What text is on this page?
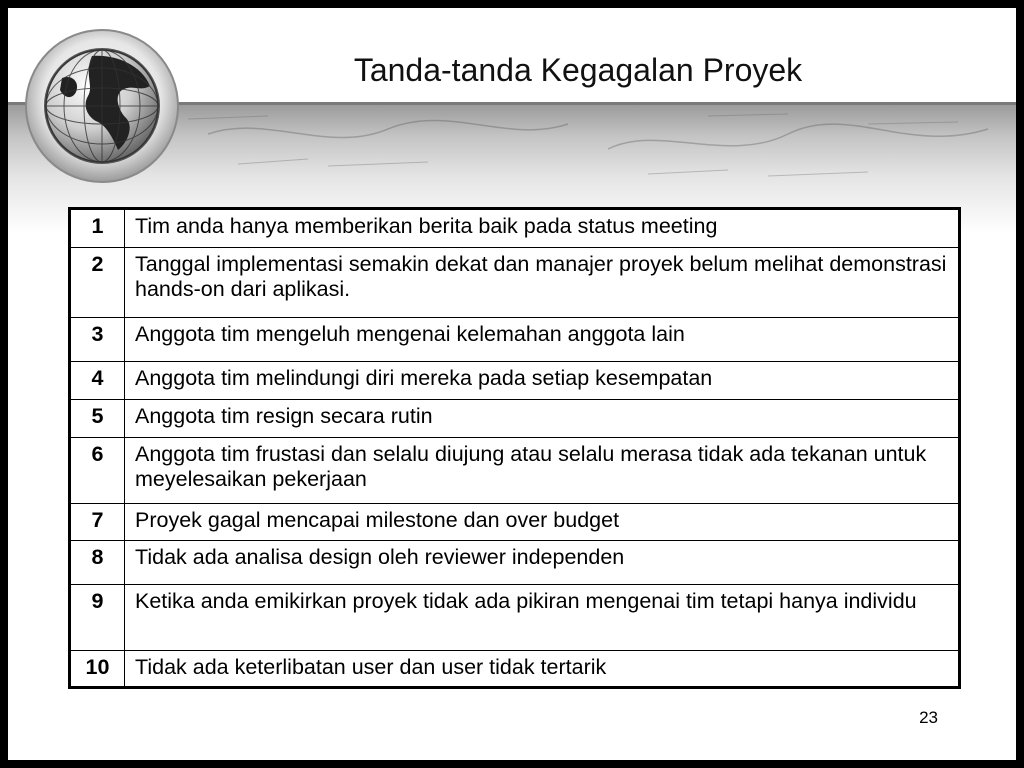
Tanda-tanda Kegagalan Proyek
1	Tim anda hanya memberikan berita baik pada status meeting
2	Tanggal implementasi semakin dekat dan manajer proyek belum melihat demonstrasi hands-on dari aplikasi.
3	Anggota tim mengeluh mengenai kelemahan anggota lain
4	Anggota tim melindungi diri mereka pada setiap kesempatan
5	Anggota tim resign secara rutin
6	Anggota tim frustasi dan selalu diujung atau selalu merasa tidak ada tekanan untuk meyelesaikan pekerjaan
7	Proyek gagal mencapai milestone dan over budget
8	Tidak ada analisa design oleh reviewer independen
9	Ketika anda emikirkan proyek tidak ada pikiran mengenai tim tetapi hanya individu
10	Tidak ada keterlibatan user dan user tidak tertarik
23
